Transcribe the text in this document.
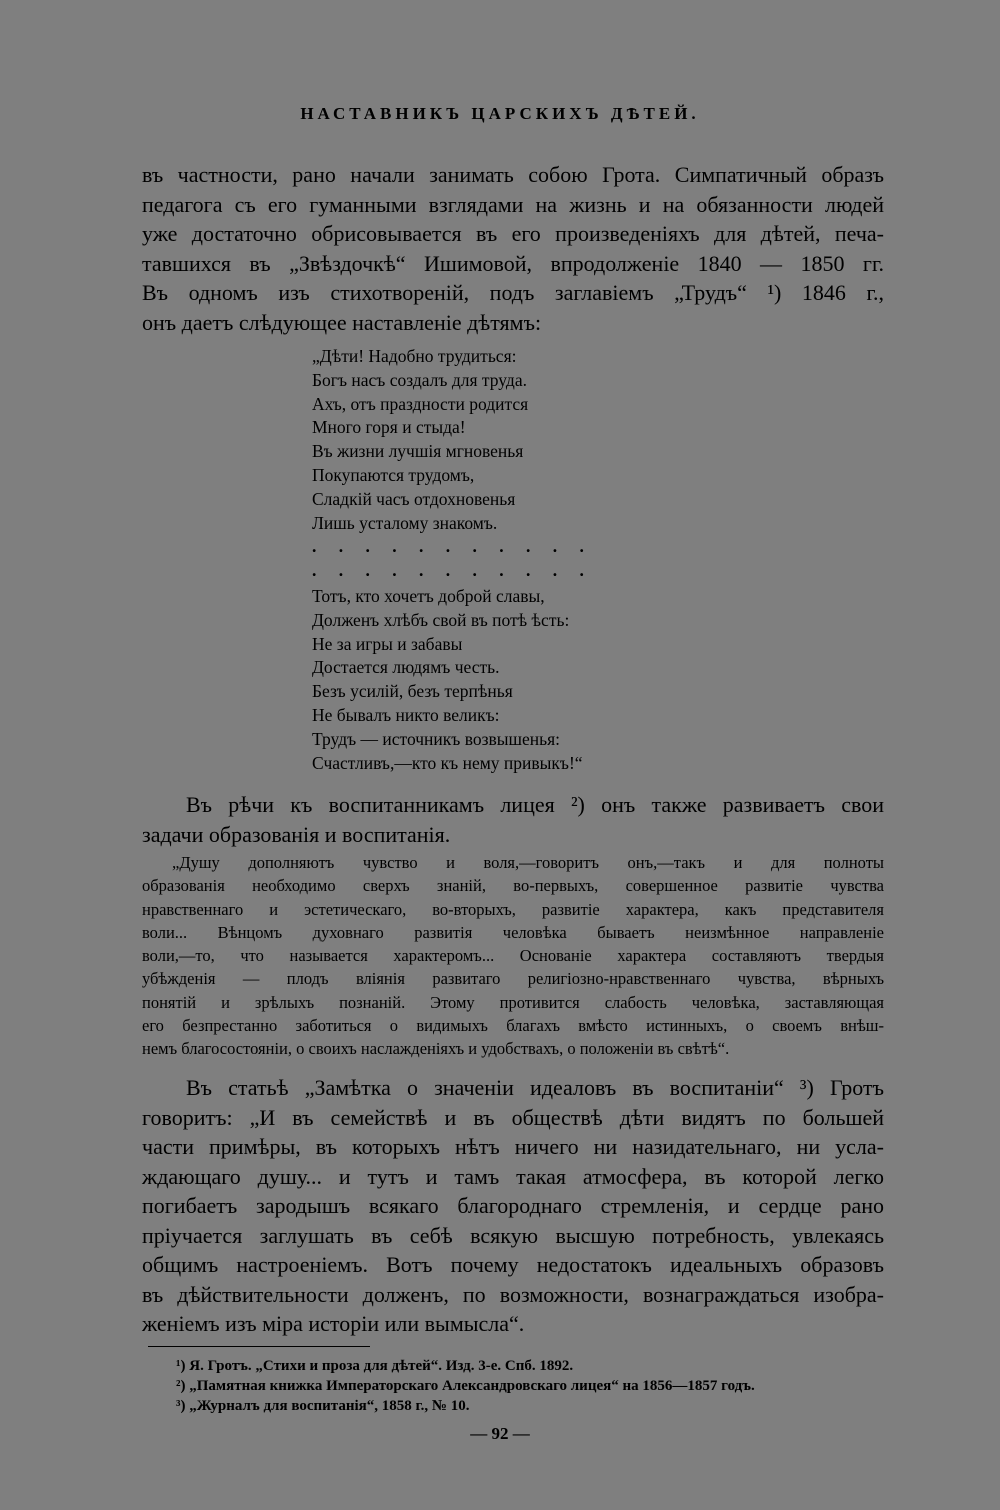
НАСТАВНИКЪ ЦАРСКИХЪ ДѢТЕЙ.
въ частности, рано начали занимать собою Грота. Симпатичный образъ
педагога съ его гуманными взглядами на жизнь и на обязанности людей
уже достаточно обрисовывается въ его произведеніяхъ для дѣтей, печа-
тавшихся въ „Звѣздочкѣ“ Ишимовой, впродолженіе 1840 — 1850 гг.
Въ одномъ изъ стихотвореній, подъ заглавіемъ „Трудъ“ ¹) 1846 г.,
онъ даетъ слѣдующее наставленіе дѣтямъ:
„Дѣти! Надобно трудиться:
Богъ насъ создалъ для труда.
Ахъ, отъ праздности родится
Много горя и стыда!
Въ жизни лучшія мгновенья
Покупаются трудомъ,
Сладкій часъ отдохновенья
Лишь усталому знакомъ.
. . . . . . . . . . .
. . . . . . . . . . .
Тотъ, кто хочетъ доброй славы,
Долженъ хлѣбъ свой въ потѣ ѣсть:
Не за игры и забавы
Достается людямъ честь.
Безъ усилій, безъ терпѣнья
Не бывалъ никто великъ:
Трудъ — источникъ возвышенья:
Счастливъ,—кто къ нему привыкъ!“
Въ рѣчи къ воспитанникамъ лицея ²) онъ также развиваетъ свои
задачи образованія и воспитанія.
„Душу дополняютъ чувство и воля,—говоритъ онъ,—такъ и для полноты
образованія необходимо сверхъ знаній, во-первыхъ, совершенное развитіе чувства
нравственнаго и эстетическаго, во-вторыхъ, развитіе характера, какъ представителя
воли... Вѣнцомъ духовнаго развитія человѣка бываетъ неизмѣнное направленіе
воли,—то, что называется характеромъ... Основаніе характера составляютъ твердыя
убѣжденія — плодъ вліянія развитаго религіозно-нравственнаго чувства, вѣрныхъ
понятій и зрѣлыхъ познаній. Этому противится слабость человѣка, заставляющая
его безпрестанно заботиться о видимыхъ благахъ вмѣсто истинныхъ, о своемъ внѣш-
немъ благосостояніи, о своихъ наслажденіяхъ и удобствахъ, о положеніи въ свѣтѣ“.
Въ статьѣ „Замѣтка о значеніи идеаловъ въ воспитаніи“ ³) Гротъ
говоритъ: „И въ семействѣ и въ обществѣ дѣти видятъ по большей
части примѣры, въ которыхъ нѣтъ ничего ни назидательнаго, ни усла-
ждающаго душу... и тутъ и тамъ такая атмосфера, въ которой легко
погибаетъ зародышъ всякаго благороднаго стремленія, и сердце рано
пріучается заглушать въ себѣ всякую высшую потребность, увлекаясь
общимъ настроеніемъ. Вотъ почему недостатокъ идеальныхъ образовъ
въ дѣйствительности долженъ, по возможности, вознаграждаться изобра-
женіемъ изъ міра исторіи или вымысла“.
¹) Я. Гротъ. „Стихи и проза для дѣтей“. Изд. 3-е. Спб. 1892.
²) „Памятная книжка Императорскаго Александровскаго лицея“ на 1856—1857 годъ.
³) „Журналъ для воспитанія“, 1858 г., № 10.
— 92 —
